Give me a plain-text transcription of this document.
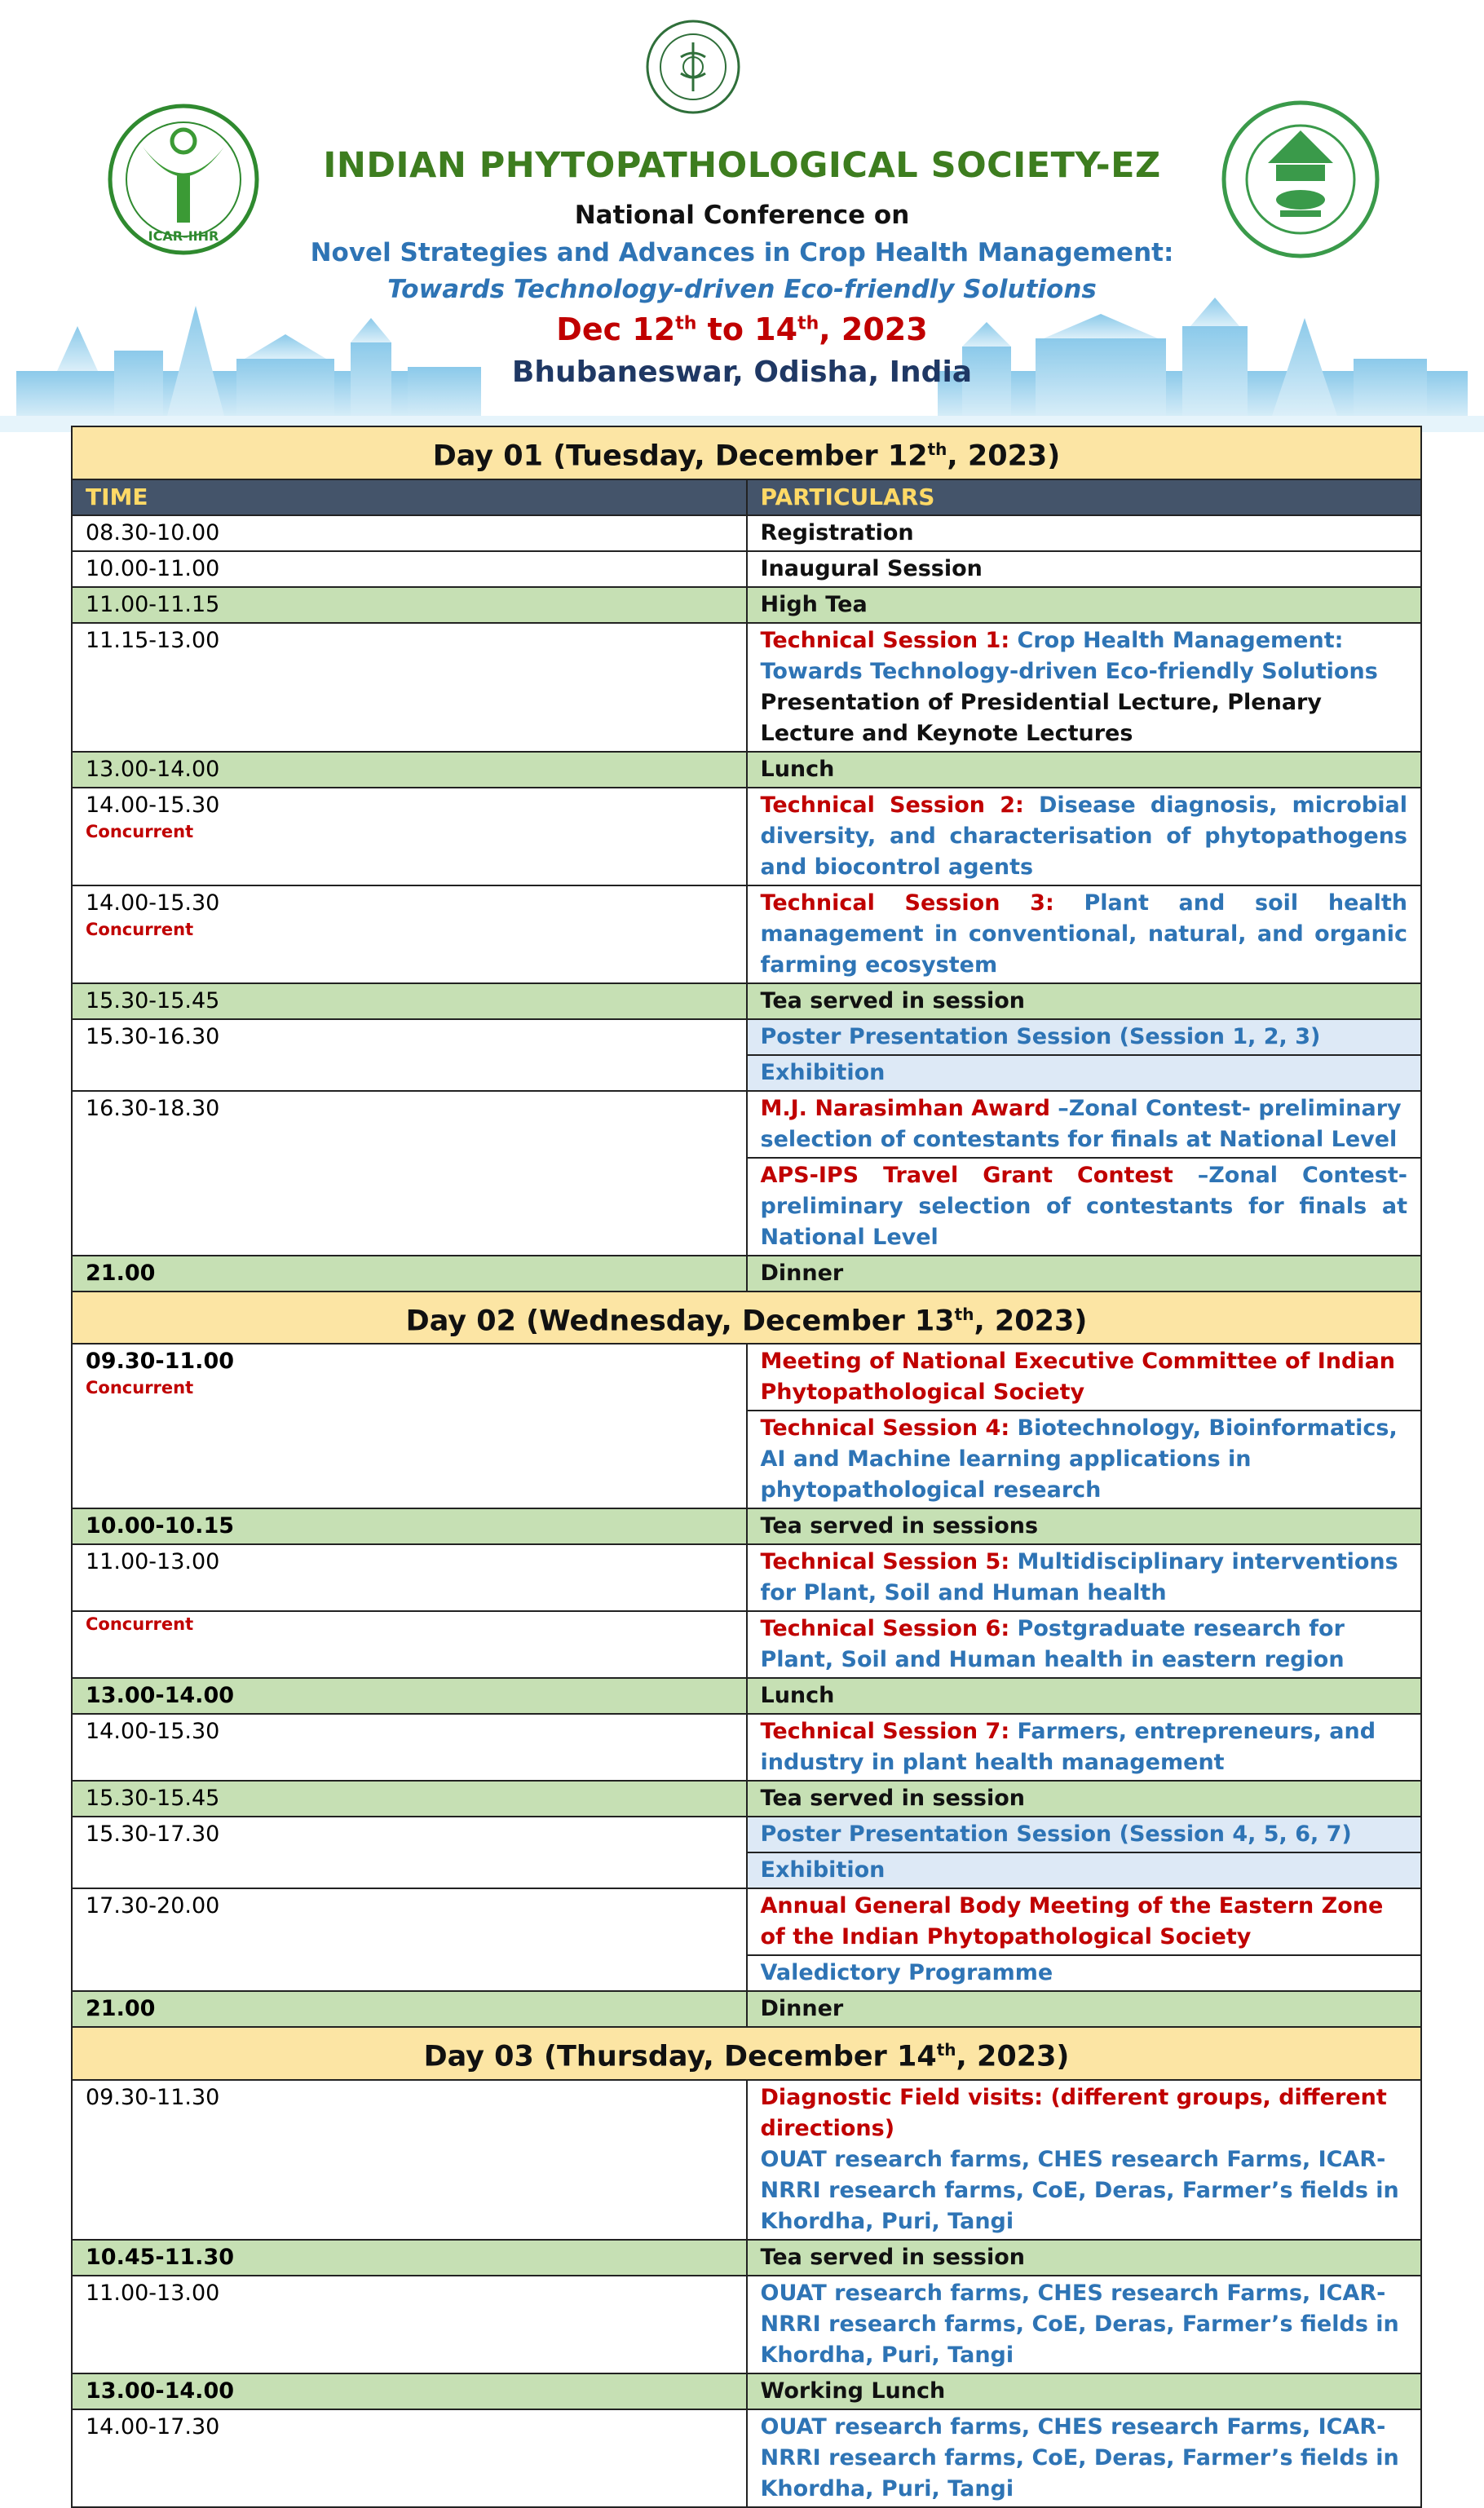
ICAR-IIHR
INDIAN PHYTOPATHOLOGICAL SOCIETY-EZ
National Conference on
Novel Strategies and Advances in Crop Health Management:
Towards Technology-driven Eco-friendly Solutions
Dec 12th to 14th, 2023
Bhubaneswar, Odisha, India
Day 01 (Tuesday, December 12th, 2023)	
TIME	PARTICULARS
08.30-10.00	Registration
10.00-11.00	Inaugural Session
11.00-11.15	High Tea
11.15-13.00	Technical Session 1: Crop Health Management: Towards Technology-driven Eco-friendly Solutions
Presentation of Presidential Lecture, Plenary Lecture and Keynote Lectures
13.00-14.00	Lunch
14.00-15.30
Concurrent	Technical Session 2: Disease diagnosis, microbial diversity, and characterisation of phytopathogens and biocontrol agents
14.00-15.30
Concurrent	Technical Session 3: Plant and soil health management in conventional, natural, and organic farming ecosystem
15.30-15.45	Tea served in session
15.30-16.30	Poster Presentation Session (Session 1, 2, 3)
	Exhibition
16.30-18.30	M.J. Narasimhan Award –Zonal Contest- preliminary selection of contestants for finals at National Level
	APS-IPS Travel Grant Contest –Zonal Contest- preliminary selection of contestants for finals at National Level
21.00	Dinner
Day 02 (Wednesday, December 13th, 2023)	
09.30-11.00
Concurrent	Meeting of National Executive Committee of Indian Phytopathological Society
	Technical Session 4: Biotechnology, Bioinformatics, AI and Machine learning applications in phytopathological research
10.00-10.15	Tea served in sessions
11.00-13.00	Technical Session 5: Multidisciplinary interventions for Plant, Soil and Human health

Concurrent	Technical Session 6: Postgraduate research for Plant, Soil and Human health in eastern region
13.00-14.00	Lunch
14.00-15.30	Technical Session 7: Farmers, entrepreneurs, and industry in plant health management
15.30-15.45	Tea served in session
15.30-17.30	Poster Presentation Session (Session 4, 5, 6, 7)
	Exhibition
17.30-20.00	Annual General Body Meeting of the Eastern Zone of the Indian Phytopathological Society
	Valedictory Programme
21.00	Dinner
Day 03 (Thursday, December 14th, 2023)	
09.30-11.30	Diagnostic Field visits: (different groups, different directions)
OUAT research farms, CHES research Farms, ICAR-NRRI research farms, CoE, Deras, Farmer’s fields in Khordha, Puri, Tangi
10.45-11.30	Tea served in session
11.00-13.00	OUAT research farms, CHES research Farms, ICAR-NRRI research farms, CoE, Deras, Farmer’s fields in Khordha, Puri, Tangi
13.00-14.00	Working Lunch
14.00-17.30	OUAT research farms, CHES research Farms, ICAR-NRRI research farms, CoE, Deras, Farmer’s fields in Khordha, Puri, Tangi
